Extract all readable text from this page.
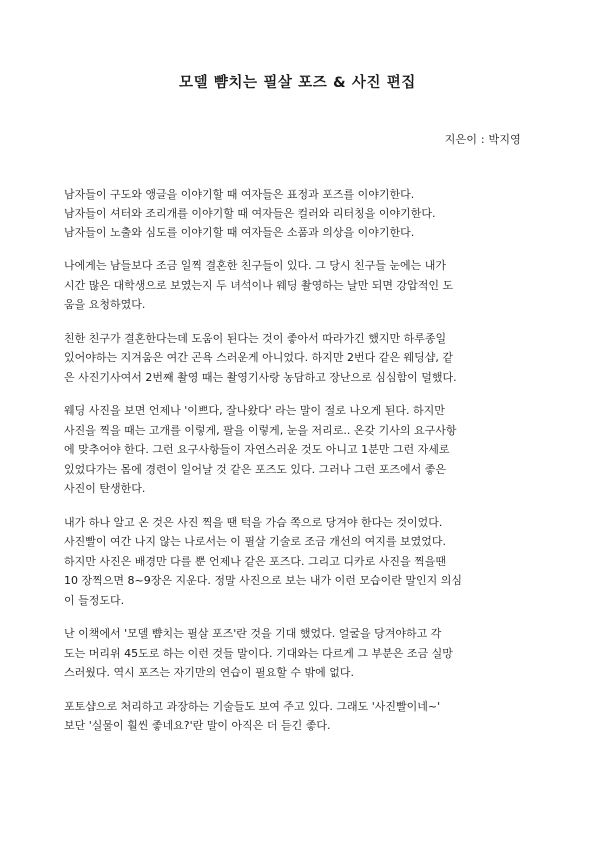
모델 뺨치는 필살 포즈 & 사진 편집
지은이 : 박지영
남자들이 구도와 앵글을 이야기할 때 여자들은 표정과 포즈를 이야기한다.
남자들이 셔터와 조리개를 이야기할 때 여자들은 컬러와 리터칭을 이야기한다.
남자들이 노출와 심도를 이야기할 때 여자들은 소품과 의상을 이야기한다.

나에게는 남들보다 조금 일찍 결혼한 친구들이 있다. 그 당시 친구들 눈에는 내가
시간 많은 대학생으로 보였는지 두 녀석이나 웨딩 촬영하는 날만 되면 강압적인 도
움을 요청하였다.

친한 친구가 결혼한다는데 도움이 된다는 것이 좋아서 따라가긴 했지만 하루종일
있어야하는 지겨움은 여간 곤욕 스러운게 아니었다. 하지만 2번다 같은 웨딩샵, 같
은 사진기사여서 2번째 촬영 때는 촬영기사랑 농담하고 장난으로 심심함이 덜했다.

웨딩 사진을 보면 언제나 '이쁘다, 잘나왔다' 라는 말이 절로 나오게 된다. 하지만
사진을 찍을 때는 고개를 이렇게, 팔을 이렇게, 눈을 저리로.. 온갖 기사의 요구사항
에 맞추어야 한다. 그런 요구사항들이 자연스러운 것도 아니고 1분만 그런 자세로
있었다가는 몸에 경련이 일어날 것 같은 포즈도 있다. 그러나 그런 포즈에서 좋은
사진이 탄생한다.

내가 하나 알고 온 것은 사진 찍을 땐 턱을 가슴 쪽으로 당겨야 한다는 것이었다.
사진빨이 여간 나지 않는 나로서는 이 필살 기술로 조금 개선의 여지를 보였었다.
하지만 사진은 배경만 다를 뿐 언제나 같은 포즈다. 그리고 디카로 사진을 찍을땐
10 장찍으면 8~9장은 지운다. 정말 사진으로 보는 내가 이런 모습이란 말인지 의심
이 들정도다.

난 이책에서 '모델 뺨치는 필살 포즈'란 것을 기대 했었다. 얼굴을 당겨야하고 각
도는 머리위 45도로 하는 이런 것들 말이다. 기대와는 다르게 그 부분은 조금 실망
스러웠다. 역시 포즈는 자기만의 연습이 필요할 수 밖에 없다.

포토샵으로 처리하고 과장하는 기술들도 보여 주고 있다. 그래도 '사진빨이네~'
보단 '실물이 훨씬 좋네요?'란 말이 아직은 더 듣긴 좋다.
